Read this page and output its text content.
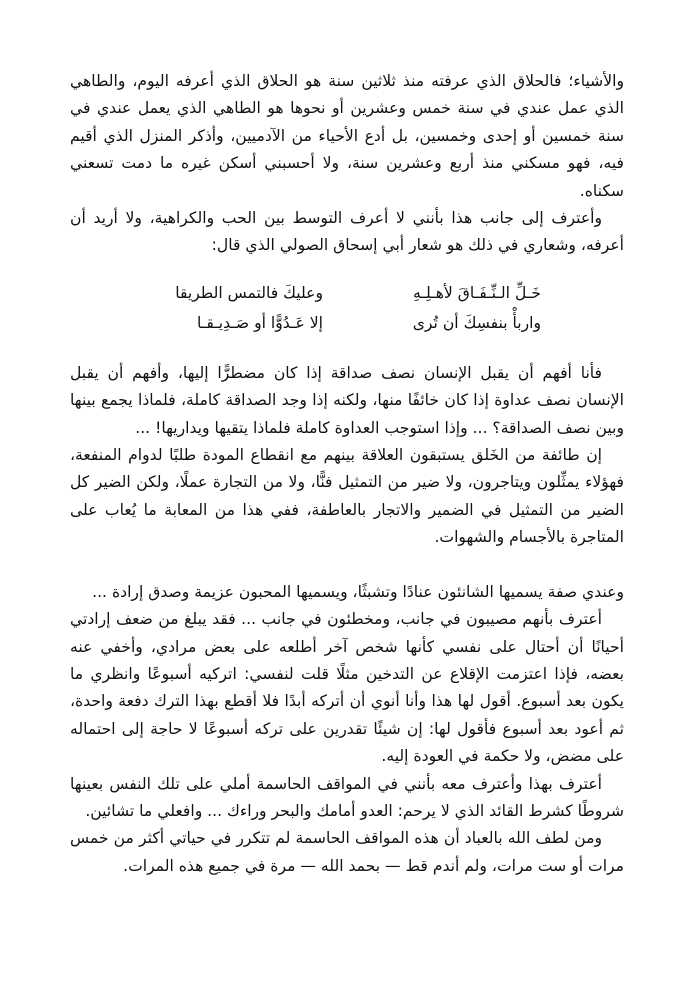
والأشياء؛ فالحلاق الذي عرفته منذ ثلاثين سنة هو الحلاق الذي أعرفه اليوم، والطاهي الذي عمل عندي في سنة خمس وعشرين أو نحوها هو الطاهي الذي يعمل عندي في سنة خمسين أو إحدى وخمسين، بل أدع الأحياء من الآدميين، وأذكر المنزل الذي أقيم فيه، فهو مسكني منذ أربع وعشرين سنة، ولا أحسبني أسكن غيره ما دمت تسعني سكناه.

وأعترف إلى جانب هذا بأنني لا أعرف التوسط بين الحب والكراهية، ولا أريد أن أعرفه، وشعاري في ذلك هو شعار أبي إسحاق الصولي الذي قال:

خَـلِّ الـنِّـفَـاقَ لأهـلِـهِ
وعليكَ فالتمس الطريقا
واربأْ بنفسِكَ أن تُرى
إلا عَـدُوًّا أو صَـدِيـقـا

فأنا أفهم أن يقبل الإنسان نصف صداقة إذا كان مضطرًّا إليها، وأفهم أن يقبل الإنسان نصف عداوة إذا كان خائفًا منها، ولكنه إذا وجد الصداقة كاملة، فلماذا يجمع بينها وبين نصف الصداقة؟ ... وإذا استوجب العداوة كاملة فلماذا يتقيها ويداريها! ...

إن طائفة من الخَلق يستبقون العلاقة بينهم مع انقطاع المودة طلبًا لدوام المنفعة، فهؤلاء يمثِّلون ويتاجرون، ولا ضير من التمثيل فنًّا، ولا من التجارة عملًا، ولكن الضير كل الضير من التمثيل في الضمير والاتجار بالعاطفة، ففي هذا من المعابة ما يُعاب على المتاجرة بالأجسام والشهوات.

وعندي صفة يسميها الشانئون عنادًا وتشبثًا، ويسميها المحبون عزيمة وصدق إرادة ...

أعترف بأنهم مصيبون في جانب، ومخطئون في جانب ... فقد يبلغ من ضعف إرادتي أحيانًا أن أحتال على نفسي كأنها شخص آخر أطلعه على بعض مرادي، وأخفي عنه بعضه، فإذا اعتزمت الإقلاع عن التدخين مثلًا قلت لنفسي: اتركيه أسبوعًا وانظري ما يكون بعد أسبوع. أقول لها هذا وأنا أنوي أن أتركه أبدًا فلا أقطع بهذا الترك دفعة واحدة، ثم أعود بعد أسبوع فأقول لها: إن شيئًا تقدرين على تركه أسبوعًا لا حاجة إلى احتماله على مضض، ولا حكمة في العودة إليه.

أعترف بهذا وأعترف معه بأنني في المواقف الحاسمة أملي على تلك النفس بعينها شروطًا كشرط القائد الذي لا يرحم: العدو أمامك والبحر وراءك ... وافعلي ما تشائين.

ومن لطف الله بالعباد أن هذه المواقف الحاسمة لم تتكرر في حياتي أكثر من خمس مرات أو ست مرات، ولم أندم قط — بحمد الله — مرة في جميع هذه المرات.
